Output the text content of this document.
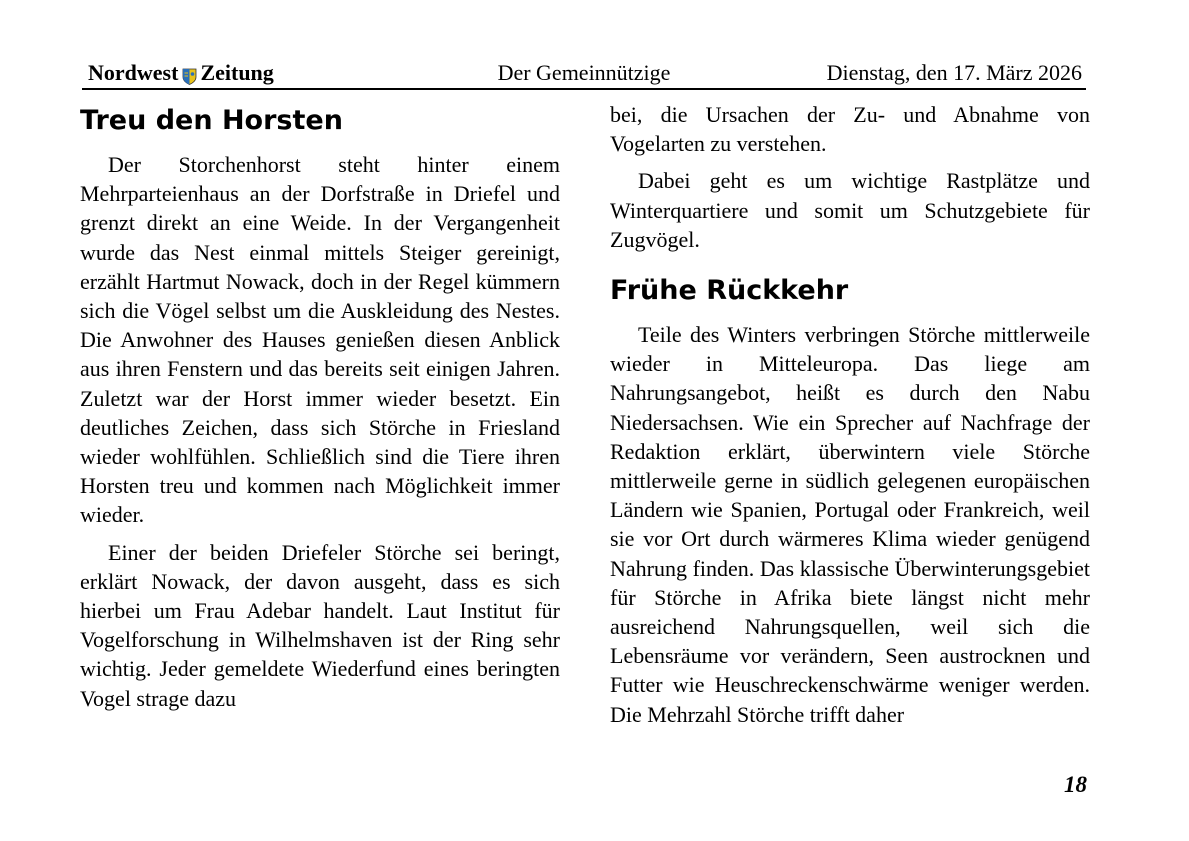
Nordwest Zeitung	Der Gemeinnützige	Dienstag, den 17. März 2026
Treu den Horsten

Der Storchenhorst steht hinter einem Mehrparteienhaus an der Dorfstraße in Driefel und grenzt direkt an eine Weide. In der Vergangenheit wurde das Nest einmal mittels Steiger gereinigt, erzählt Hartmut Nowack, doch in der Regel kümmern sich die Vögel selbst um die Auskleidung des Nestes. Die Anwohner des Hauses genießen diesen Anblick aus ihren Fenstern und das bereits seit einigen Jahren. Zuletzt war der Horst immer wieder besetzt. Ein deutliches Zeichen, dass sich Störche in Friesland wieder wohlfühlen. Schließlich sind die Tiere ihren Horsten treu und kommen nach Möglichkeit immer wieder.

Einer der beiden Driefeler Störche sei beringt, erklärt Nowack, der davon ausgeht, dass es sich hierbei um Frau Adebar handelt. Laut Institut für Vogelforschung in Wilhelmshaven ist der Ring sehr wichtig. Jeder gemeldete Wiederfund eines beringten Vogel strage dazu

bei, die Ursachen der Zu- und Abnahme von Vogelarten zu verstehen.

Dabei geht es um wichtige Rastplätze und Winterquartiere und somit um Schutzgebiete für Zugvögel.

Frühe Rückkehr

Teile des Winters verbringen Störche mittlerweile wieder in Mitteleuropa. Das liege am Nahrungsangebot, heißt es durch den Nabu Niedersachsen. Wie ein Sprecher auf Nachfrage der Redaktion erklärt, überwintern viele Störche mittlerweile gerne in südlich gelegenen europäischen Ländern wie Spanien, Portugal oder Frankreich, weil sie vor Ort durch wärmeres Klima wieder genügend Nahrung finden. Das klassische Überwinterungsgebiet für Störche in Afrika biete längst nicht mehr ausreichend Nahrungsquellen, weil sich die Lebensräume vor verändern, Seen austrocknen und Futter wie Heuschreckenschwärme weniger werden. Die Mehrzahl Störche trifft daher

18
